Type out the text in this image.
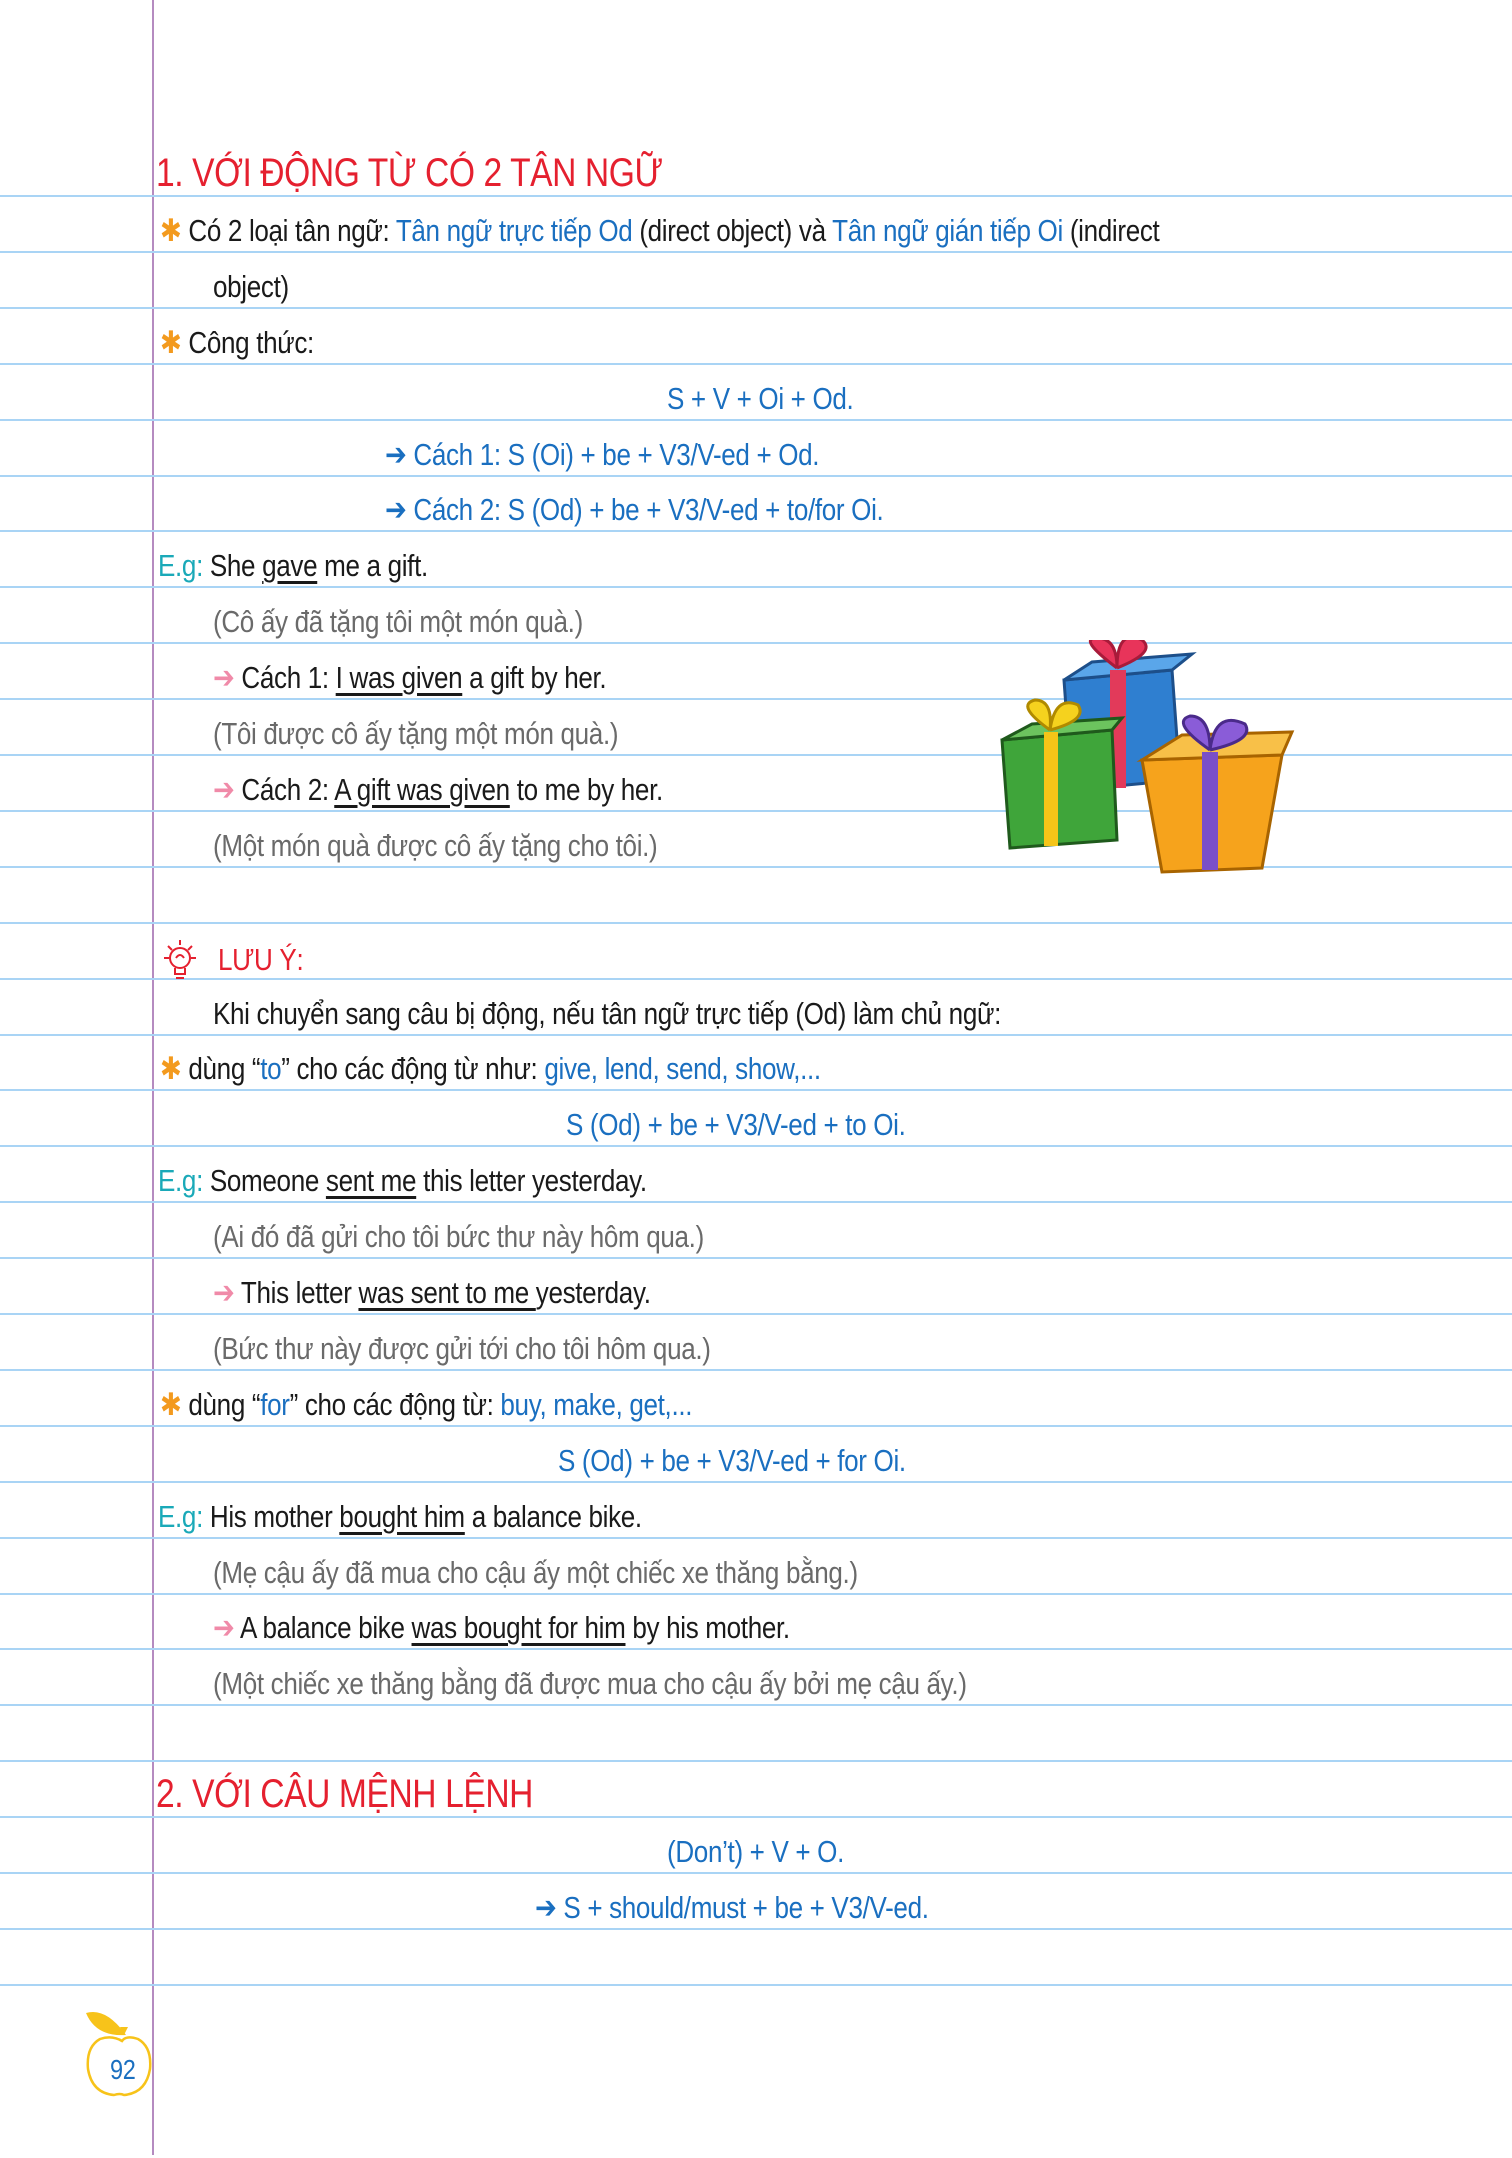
1. VỚI ĐỘNG TỪ CÓ 2 TÂN NGỮ
2. VỚI CÂU MỆNH LỆNH
LƯU Ý:
✱ Có 2 loại tân ngữ: Tân ngữ trực tiếp Od (direct object) và Tân ngữ gián tiếp Oi (indirect
object)
✱ Công thức:
S + V + Oi + Od.
➔ Cách 1: S (Oi) + be + V3/V-ed + Od.
➔ Cách 2: S (Od) + be + V3/V-ed + to/for Oi.
E.g: She gave me a gift.
(Cô ấy đã tặng tôi một món quà.)
➔ Cách 1: I was given a gift by her.
(Tôi được cô ấy tặng một món quà.)
➔ Cách 2: A gift was given to me by her.
(Một món quà được cô ấy tặng cho tôi.)
Khi chuyển sang câu bị động, nếu tân ngữ trực tiếp (Od) làm chủ ngữ:
✱ dùng “to” cho các động từ như: give, lend, send, show,...
S (Od) + be + V3/V-ed + to Oi.
E.g: Someone sent me this letter yesterday.
(Ai đó đã gửi cho tôi bức thư này hôm qua.)
➔ This letter was sent to me yesterday.
(Bức thư này được gửi tới cho tôi hôm qua.)
✱ dùng “for” cho các động từ: buy, make, get,...
S (Od) + be + V3/V-ed + for Oi.
E.g: His mother bought him a balance bike.
(Mẹ cậu ấy đã mua cho cậu ấy một chiếc xe thăng bằng.)
➔ A balance bike was bought for him by his mother.
(Một chiếc xe thăng bằng đã được mua cho cậu ấy bởi mẹ cậu ấy.)
(Don’t) + V + O.
➔ S + should/must + be + V3/V-ed.
92
